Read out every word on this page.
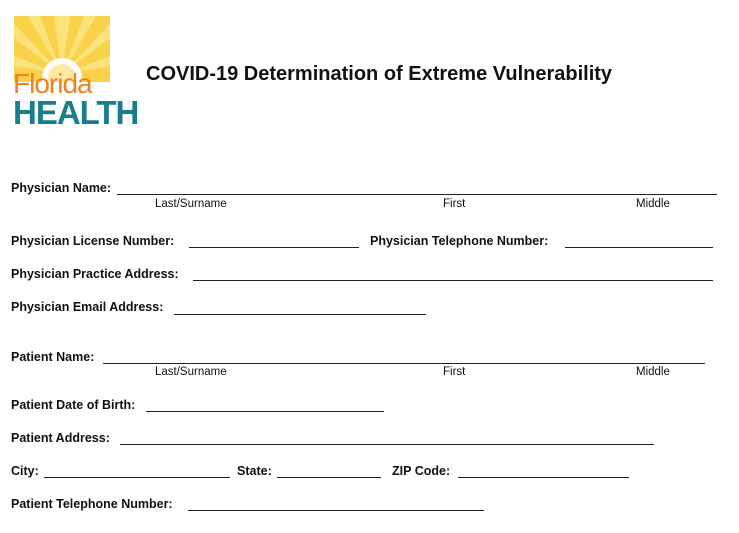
Florida
HEALTH
COVID-19 Determination of Extreme Vulnerability
Physician Name:
Last/Surname	First	Middle
Physician License Number:	Physician Telephone Number:
Physician Practice Address:
Physician Email Address:
Patient Name:
Last/Surname	First	Middle
Patient Date of Birth:
Patient Address:
City:	State:	ZIP Code:
Patient Telephone Number:
